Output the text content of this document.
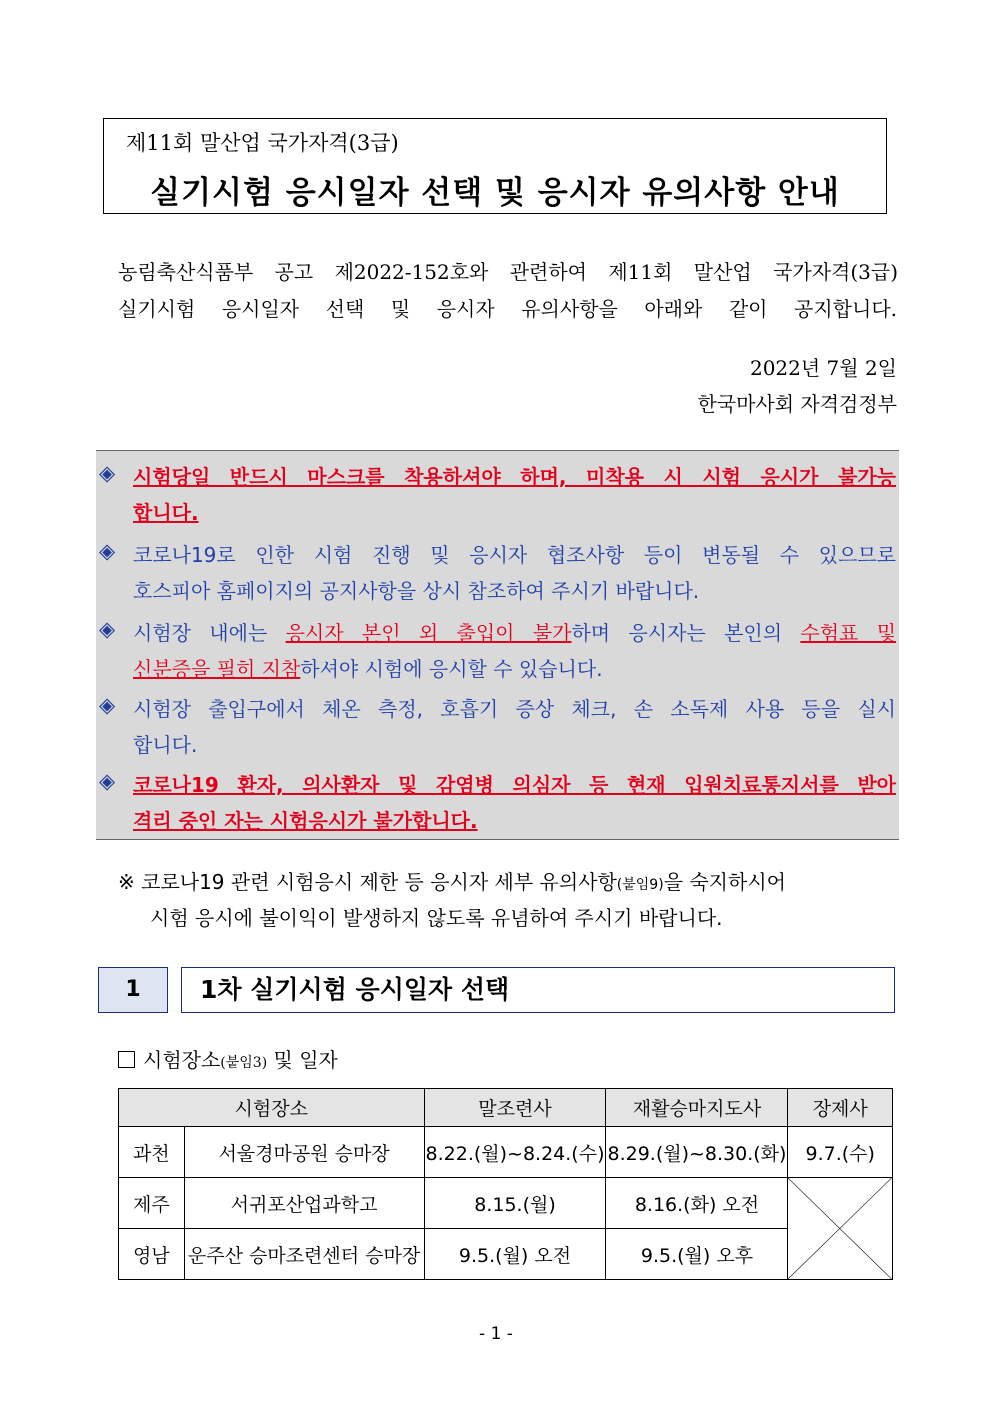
제11회 말산업 국가자격(3급)
실기시험 응시일자 선택 및 응시자 유의사항 안내
농림축산식품부 공고 제2022-152호와 관련하여 제11회 말산업 국가자격(3급)
실기시험 응시일자 선택 및 응시자 유의사항을 아래와 같이 공지합니다.
2022년 7월 2일
한국마사회 자격검정부
◈ 시험당일 반드시 마스크를 착용하셔야 하며, 미착용 시 시험 응시가 불가능
합니다.
◈ 코로나19로 인한 시험 진행 및 응시자 협조사항 등이 변동될 수 있으므로
호스피아 홈페이지의 공지사항을 상시 참조하여 주시기 바랍니다.
◈ 시험장 내에는 응시자 본인 외 출입이 불가하며 응시자는 본인의 수험표 및
신분증을 필히 지참하셔야 시험에 응시할 수 있습니다.
◈ 시험장 출입구에서 체온 측정, 호흡기 증상 체크, 손 소독제 사용 등을 실시
합니다.
◈ 코로나19 환자, 의사환자 및 감염병 의심자 등 현재 입원치료통지서를 받아
격리 중인 자는 시험응시가 불가합니다.
※ 코로나19 관련 시험응시 제한 등 응시자 세부 유의사항(붙임9)을 숙지하시어
시험 응시에 불이익이 발생하지 않도록 유념하여 주시기 바랍니다.
1	1차 실기시험 응시일자 선택
시험장소(붙임3) 및 일자
시험장소		말조련사	재활승마지도사	장제사
과천	서울경마공원 승마장	8.22.(월)~8.24.(수)	8.29.(월)~8.30.(화)	9.7.(수)
제주	서귀포산업과학고	8.15.(월)	8.16.(화) 오전	

영남	운주산 승마조련센터 승마장	9.5.(월) 오전	9.5.(월) 오후	
- 1 -
